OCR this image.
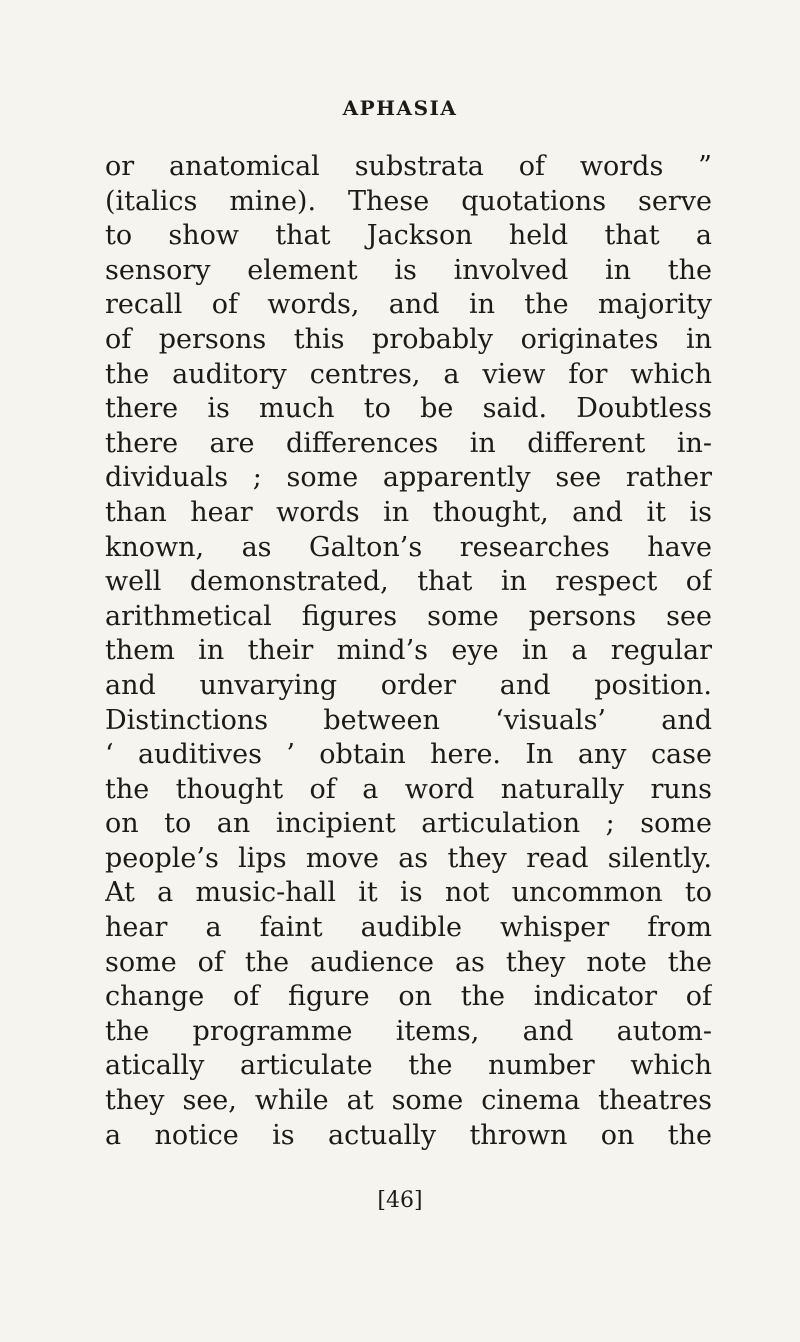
APHASIA
or anatomical substrata of words ”
(italics mine). These quotations serve
to show that Jackson held that a
sensory element is involved in the
recall of words, and in the majority
of persons this probably originates in
the auditory centres, a view for which
there is much to be said. Doubtless
there are differences in different in-
dividuals ; some apparently see rather
than hear words in thought, and it is
known, as Galton’s researches have
well demonstrated, that in respect of
arithmetical figures some persons see
them in their mind’s eye in a regular
and unvarying order and position.
Distinctions between ‘visuals’ and
‘ auditives ’ obtain here. In any case
the thought of a word naturally runs
on to an incipient articulation ; some
people’s lips move as they read silently.
At a music-hall it is not uncommon to
hear a faint audible whisper from
some of the audience as they note the
change of figure on the indicator of
the programme items, and autom-
atically articulate the number which
they see, while at some cinema theatres
a notice is actually thrown on the
[46]
